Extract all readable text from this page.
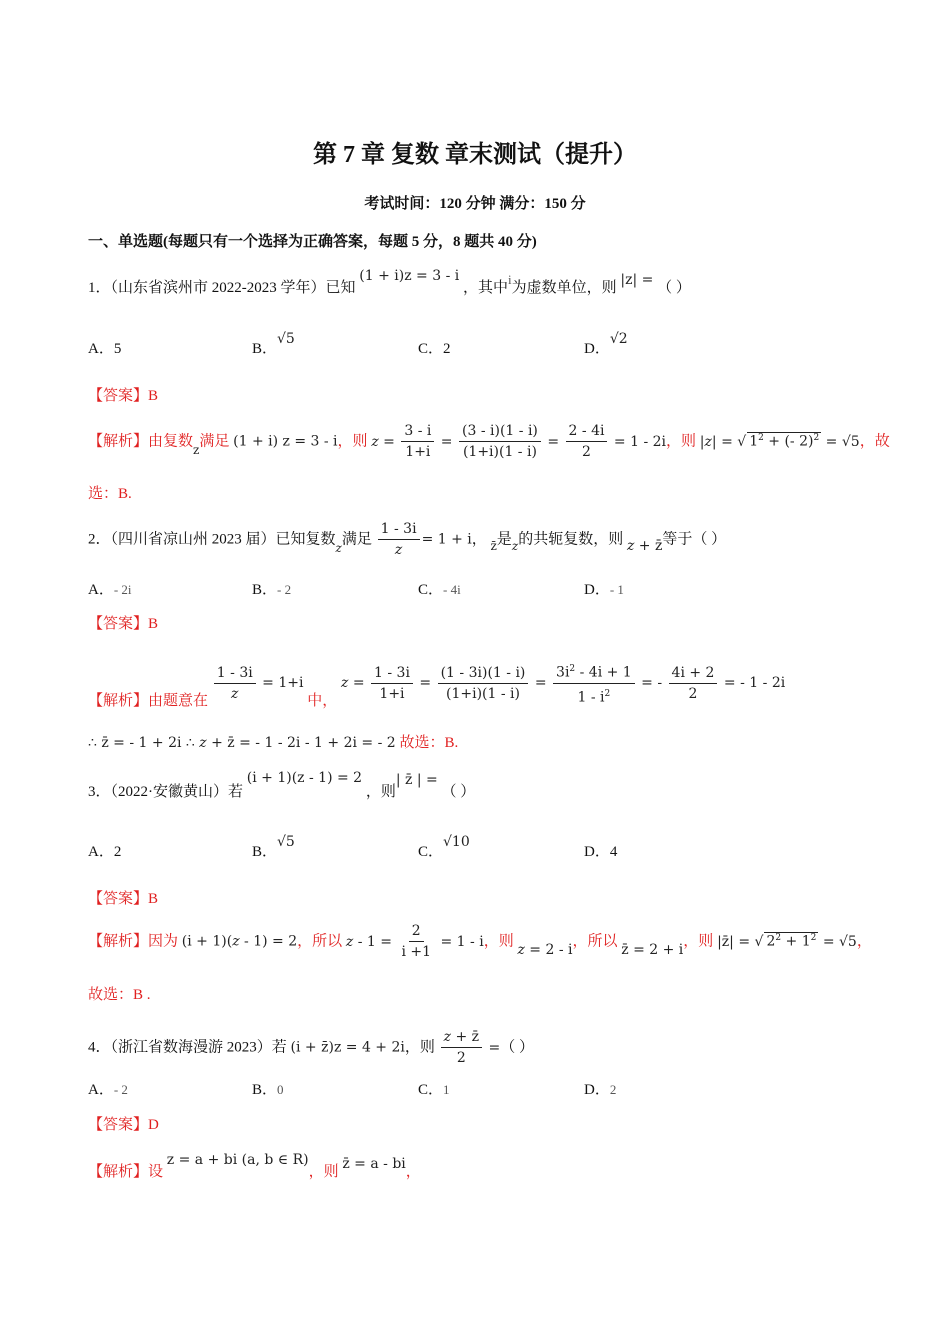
第 7 章 复数 章末测试（提升）
考试时间：120 分钟 满分：150 分
一、单选题(每题只有一个选择为正确答案，每题 5 分，8 题共 40 分)
1．（山东省滨州市 2022-2023 学年）已知 (1 + i)z = 3 - i ，其中i为虚数单位，则 |z| = （ ）
A．5	B．√5
C．2	D．√2
【答案】B
【解析】由复数$_z$满足 (1 + i) z = 3 - i，则 $z = \frac{3 - i}{1+i} = \frac{(3 - i)(1 - i)}{(1+i)(1 - i)} = \frac{2 - 4i}{2} = 1 - 2i$，则 |z| = √ $1^2$ + (- 2)$^2$ = √5，故
选：B.
2．（四川省凉山州 2023 届）已知复数$_z$满足 $\frac{1 - 3i}{z} = 1 + i$， $_{z̄}$是$_z$的共轭复数，则 z + z̄等于（ ）
A．- 2i	B．- 2	C．- 4i	D．- 1
【答案】B
【解析】由题意在 $\frac{1 - 3i}{z} = 1+i$ 中， $z = \frac{1 - 3i}{1+i} = \frac{(1 - 3i)(1 - i)}{(1+i)(1 - i)} = \frac{3i^2 - 4i + 1}{1 - i^2}$ = - $\frac{4i + 2}{2}$ = - 1 - 2i
∴ z̄ = - 1 + 2i ∴ z + z̄ = - 1 - 2i - 1 + 2i = - 2 故选：B.
3．（2022·安徽黄山）若 (i + 1)(z - 1) = 2 ，则| z̄ | = （ ）
A．2	B．√5
C．√10
D．4
【答案】B
【解析】因为 (i + 1)(z - 1) = 2，所以 $z - 1 = \frac{2}{i +1} = 1 - i$，则 z = 2 - i，所以 z̄ = 2 + i，则 |z̄| = √ $2^2 + 1^2 = √5$，
故选：B .
4．（浙江省数海漫游 2023）若 (i + z̄)z = 4 + 2i，则 $\frac{z + z̄}{2}$ =（ ）
A．- 2	B．0	C．1	D．2
【答案】D
【解析】设 z = a + bi (a, b ∈ R)，则 z̄ = a - bi，
